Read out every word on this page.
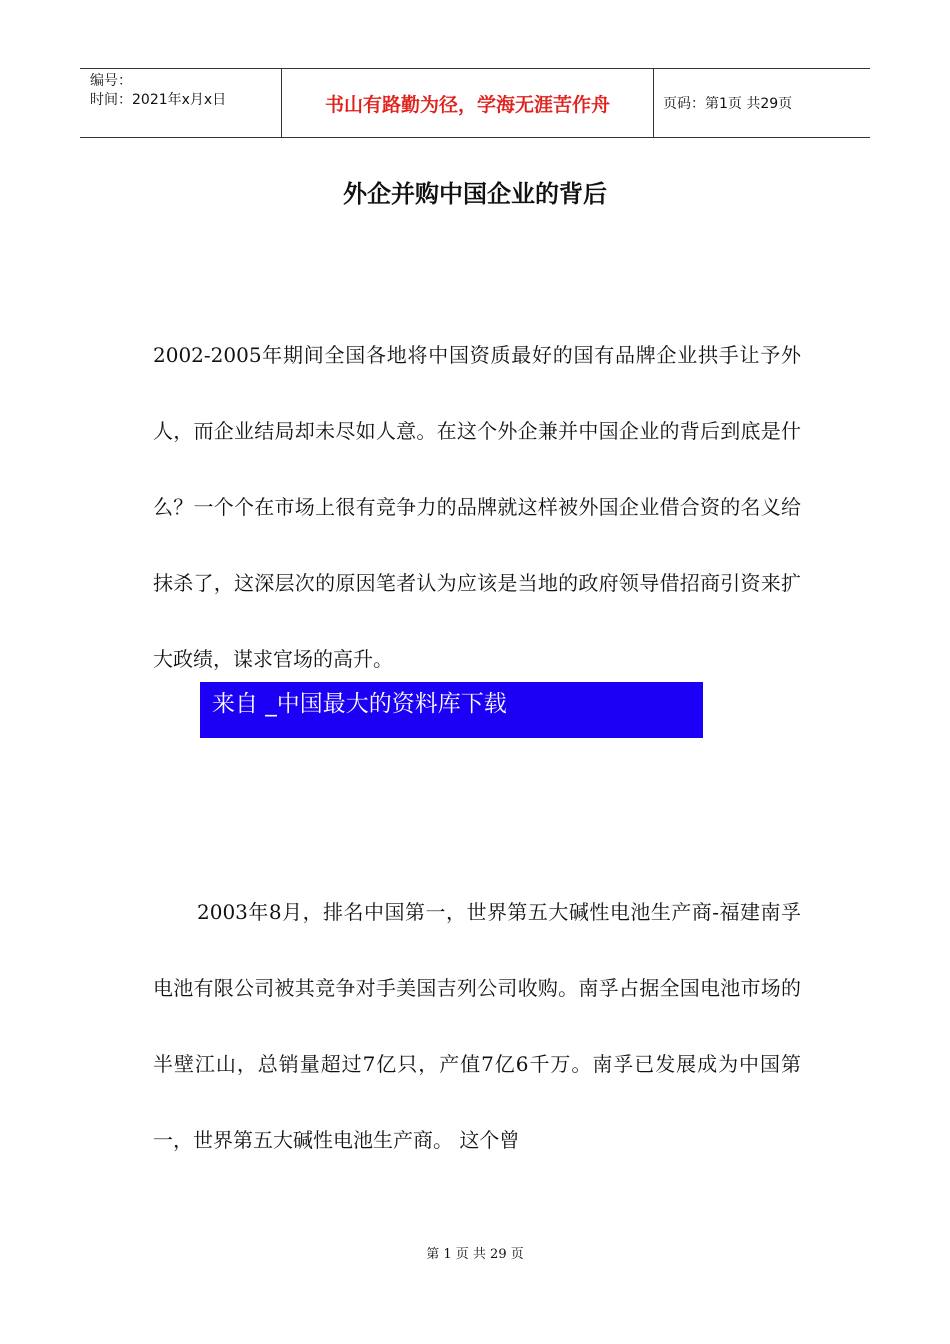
编号：
时间：2021年x月x日	书山有路勤为径，学海无涯苦作舟	页码：第1页 共29页
外企并购中国企业的背后

2002-2005年期间全国各地将中国资质最好的国有品牌企业拱手让予外人，而企业结局却未尽如人意。在这个外企兼并中国企业的背后到底是什么？一个个在市场上很有竞争力的品牌就这样被外国企业借合资的名义给抹杀了，这深层次的原因笔者认为应该是当地的政府领导借招商引资来扩大政绩，谋求官场的高升。

来自 _中国最大的资料库下载

2003年8月，排名中国第一，世界第五大碱性电池生产商-福建南孚电池有限公司被其竞争对手美国吉列公司收购。南孚占据全国电池市场的半壁江山，总销量超过7亿只，产值7亿6千万。南孚已发展成为中国第一，世界第五大碱性电池生产商。 这个曾

第 1 页 共 29 页
